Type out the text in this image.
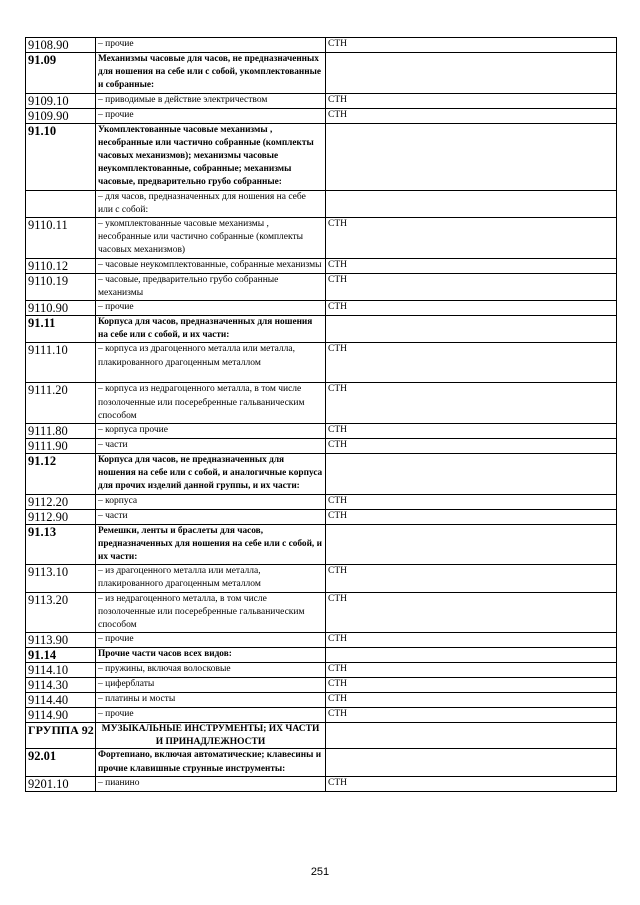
9108.90	– прочие	СТН
91.09	Механизмы часовые для часов, не предназначенных для ношения на себе или с собой, укомплектованные и собранные:	
9109.10	– приводимые в действие электричеством	СТН
9109.90	– прочие	СТН
91.10	Укомплектованные часовые механизмы , несобранные или частично собранные (комплекты часовых механизмов); механизмы часовые неукомплектованные, собранные; механизмы часовые, предварительно грубо собранные:	
	– для часов, предназначенных для ношения на себе или с собой:	
9110.11	– укомплектованные часовые механизмы , несобранные или частично собранные (комплекты часовых механизмов)	СТН
9110.12	– часовые неукомплектованные, собранные механизмы	СТН
9110.19	– часовые, предварительно грубо собранные механизмы	СТН
9110.90	– прочие	СТН
91.11	Корпуса для часов, предназначенных для ношения на себе или с собой, и их части:	
9111.10	– корпуса из драгоценного металла или металла, плакированного драгоценным металлом	СТН
9111.20	– корпуса из недрагоценного металла, в том числе позолоченные или посеребренные гальваническим способом	СТН
9111.80	– корпуса прочие	СТН
9111.90	– части	СТН
91.12	Корпуса для часов, не предназначенных для ношения на себе или с собой, и аналогичные корпуса для прочих изделий данной группы, и их части:	
9112.20	– корпуса	СТН
9112.90	– части	СТН
91.13	Ремешки, ленты и браслеты для часов, предназначенных для ношения на себе или с собой, и их части:	
9113.10	– из драгоценного металла или металла, плакированного драгоценным металлом	СТН
9113.20	– из недрагоценного металла, в том числе позолоченные или посеребренные гальваническим способом	СТН
9113.90	– прочие	СТН
91.14	Прочие части часов всех видов:	
9114.10	– пружины, включая волосковые	СТН
9114.30	– циферблаты	СТН
9114.40	– платины и мосты	СТН
9114.90	– прочие	СТН
ГРУППА 92	МУЗЫКАЛЬНЫЕ ИНСТРУМЕНТЫ; ИХ ЧАСТИ И ПРИНАДЛЕЖНОСТИ	
92.01	Фортепиано, включая автоматические; клавесины и прочие клавишные струнные инструменты:	
9201.10	– пианино	СТН
251
